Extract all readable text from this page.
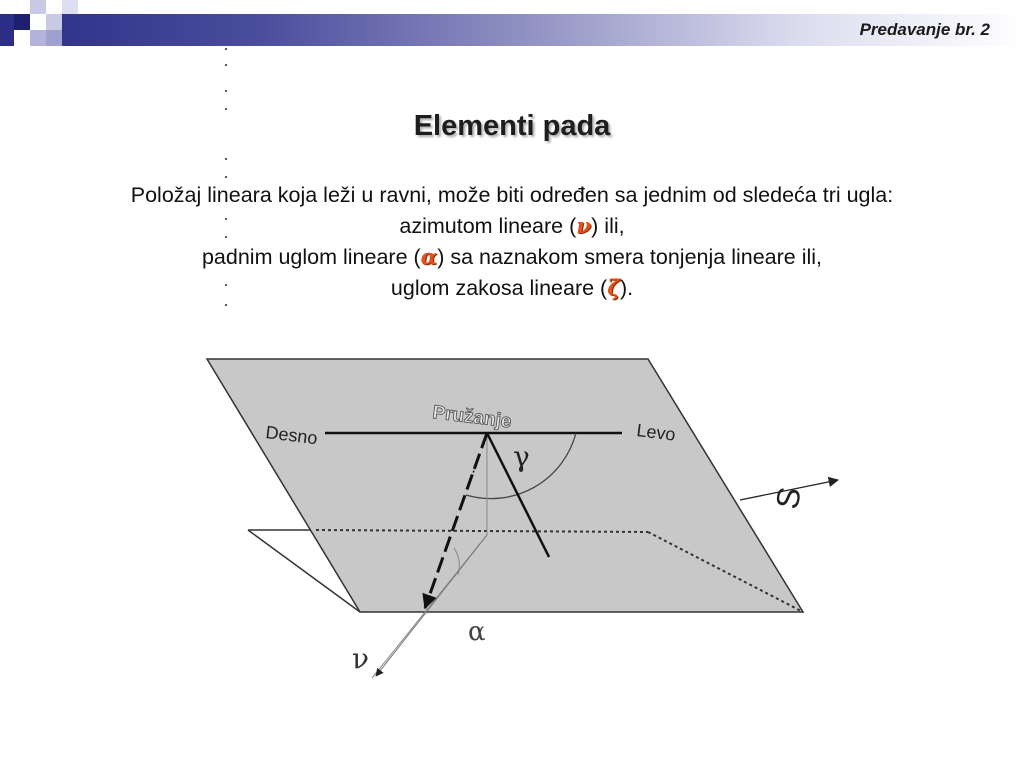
Predavanje br. 2
Elementi pada
Položaj lineara koja leži u ravni, može biti određen sa jednim od sledeća tri ugla:
azimutom lineare (ν) ili,
padnim uglom lineare (α) sa naznakom smera tonjenja lineare ili,
uglom zakosa lineare (ζ).
Pružanje
Desno	Levo
γ
α
ν
S
